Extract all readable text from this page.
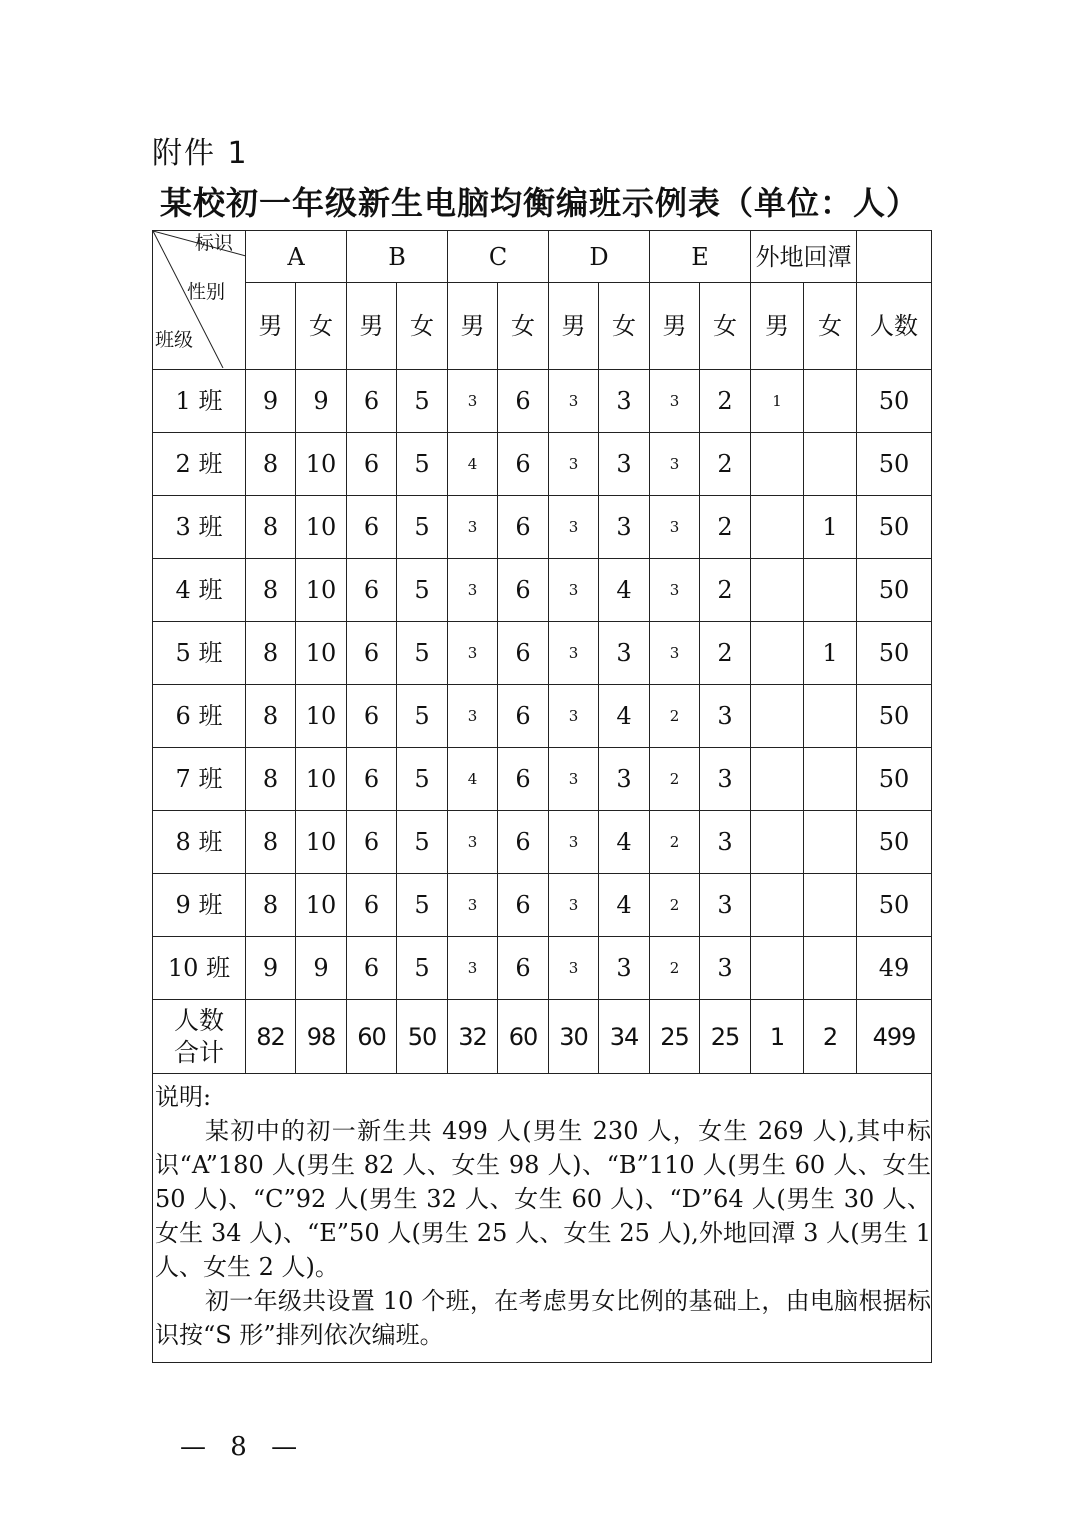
附件 1
某校初一年级新生电脑均衡编班示例表（单位：人）
标识
性别
班级	A		B		C		D		E		外地回潭		
	男	女	男	女	男	女	男	女	男	女	男	女	人数
1 班	9	9	6	5	3	6	3	3	3	2	1		50
2 班	8	10	6	5	4	6	3	3	3	2			50
3 班	8	10	6	5	3	6	3	3	3	2		1	50
4 班	8	10	6	5	3	6	3	4	3	2			50
5 班	8	10	6	5	3	6	3	3	3	2		1	50
6 班	8	10	6	5	3	6	3	4	2	3			50
7 班	8	10	6	5	4	6	3	3	2	3			50
8 班	8	10	6	5	3	6	3	4	2	3			50
9 班	8	10	6	5	3	6	3	4	2	3			50
10 班	9	9	6	5	3	6	3	3	2	3			49
人数
合计	82	98	60	50	32	60	30	34	25	25	1	2	499

说明:

某初中的初一新生共 499 人(男生 230 人，女生 269 人),其中标识“A”180 人(男生 82 人、女生 98 人)、“B”110 人(男生 60 人、女生 50 人)、“C”92 人(男生 32 人、女生 60 人)、“D”64 人(男生 30 人、女生 34 人)、“E”50 人(男生 25 人、女生 25 人),外地回潭 3 人(男生 1 人、女生 2 人)。

初一年级共设置 10 个班，在考虑男女比例的基础上，由电脑根据标识按“S 形”排列依次编班。													

— 8 —
